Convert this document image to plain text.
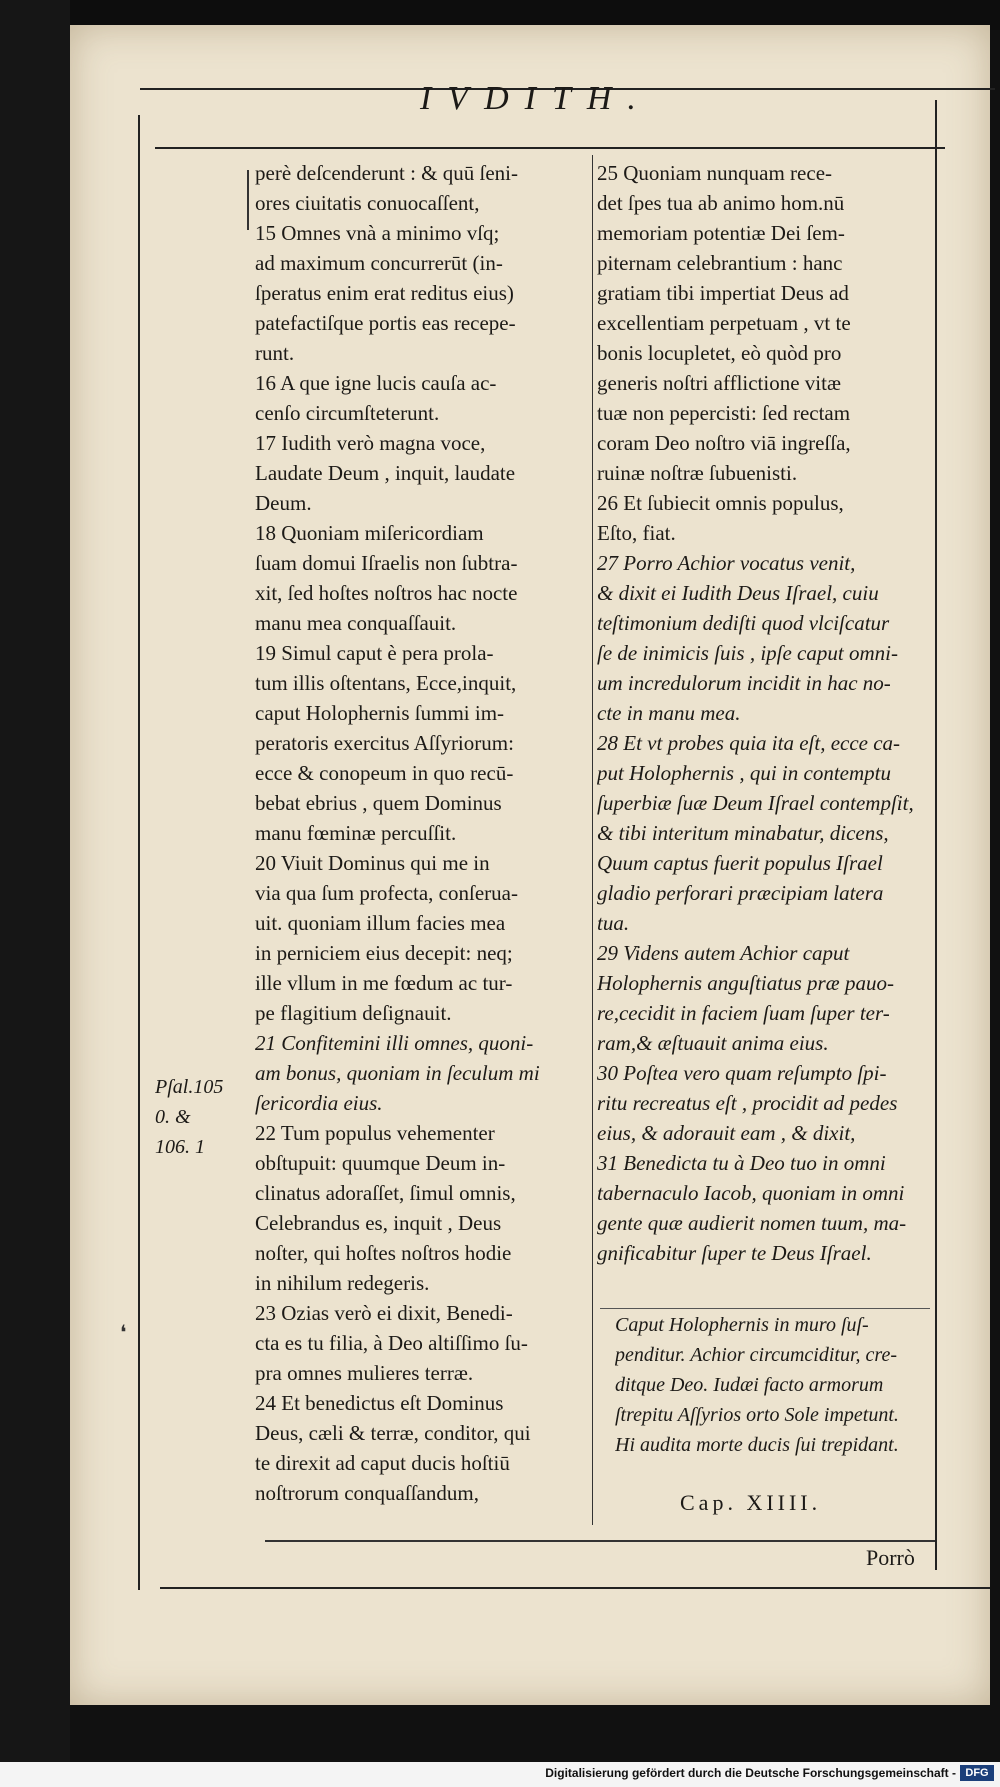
IVDITH.
perè deſcenderunt : & quū ſeni-
ores ciuitatis conuocaſſent,
15 Omnes vnà a minimo vſq;
ad maximum concurrerūt (in-
ſperatus enim erat reditus eius)
patefactiſque portis eas recepe-
runt.
16 A que igne lucis cauſa ac-
cenſo circumſteterunt.
17 Iudith verò magna voce,
Laudate Deum , inquit, laudate
Deum.
18 Quoniam miſericordiam
ſuam domui Iſraelis non ſubtra-
xit, ſed hoſtes noſtros hac nocte
manu mea conquaſſauit.
19 Simul caput è pera prola-
tum illis oſtentans, Ecce,inquit,
caput Holophernis ſummi im-
peratoris exercitus Aſſyriorum:
ecce & conopeum in quo recū-
bebat ebrius , quem Dominus
manu fœminæ percuſſit.
20 Viuit Dominus qui me in
via qua ſum profecta, conſerua-
uit. quoniam illum facies mea
in perniciem eius decepit: neq;
ille vllum in me fœdum ac tur-
pe flagitium deſignauit.
21 Confitemini illi omnes, quoni-
am bonus, quoniam in ſeculum mi
ſericordia eius.
22 Tum populus vehementer
obſtupuit: quumque Deum in-
clinatus adoraſſet, ſimul omnis,
Celebrandus es, inquit , Deus
noſter, qui hoſtes noſtros hodie
in nihilum redegeris.
23 Ozias verò ei dixit, Benedi-
cta es tu filia, à Deo altiſſimo ſu-
pra omnes mulieres terræ.
24 Et benedictus eſt Dominus
Deus, cæli & terræ, conditor, qui
te direxit ad caput ducis hoſtiū
noſtrorum conquaſſandum,
25 Quoniam nunquam rece-
det ſpes tua ab animo hom.nū
memoriam potentiæ Dei ſem-
piternam celebrantium : hanc
gratiam tibi impertiat Deus ad
excellentiam perpetuam , vt te
bonis locupletet, eò quòd pro
generis noſtri afflictione vitæ
tuæ non pepercisti: ſed rectam
coram Deo noſtro viā ingreſſa,
ruinæ noſtræ ſubuenisti.
26 Et ſubiecit omnis populus,
Eſto, fiat.
27 Porro Achior vocatus venit,
& dixit ei Iudith Deus Iſrael, cuiu
teſtimonium dediſti quod vlciſcatur
ſe de inimicis ſuis , ipſe caput omni-
um incredulorum incidit in hac no-
cte in manu mea.
28 Et vt probes quia ita eſt, ecce ca-
put Holophernis , qui in contemptu
ſuperbiæ ſuæ Deum Iſrael contempſit,
& tibi interitum minabatur, dicens,
Quum captus fuerit populus Iſrael
gladio perforari præcipiam latera
tua.
29 Videns autem Achior caput
Holophernis anguſtiatus præ pauo-
re,cecidit in faciem ſuam ſuper ter-
ram,& æſtuauit anima eius.
30 Poſtea vero quam reſumpto ſpi-
ritu recreatus eſt , procidit ad pedes
eius, & adorauit eam , & dixit,
31 Benedicta tu à Deo tuo in omni
tabernaculo Iacob, quoniam in omni
gente quæ audierit nomen tuum, ma-
gnificabitur ſuper te Deus Iſrael.
Pſal.105
0. &
106. 1
Caput Holophernis in muro ſuſ-
penditur. Achior circumciditur, cre-
ditque Deo. Iudæi facto armorum
ſtrepitu Aſſyrios orto Sole impetunt.
Hi audita morte ducis ſui trepidant.
Cap. XIIII.
Porrò
❛
Digitalisierung gefördert durch die Deutsche Forschungsgemeinschaft - DFG
